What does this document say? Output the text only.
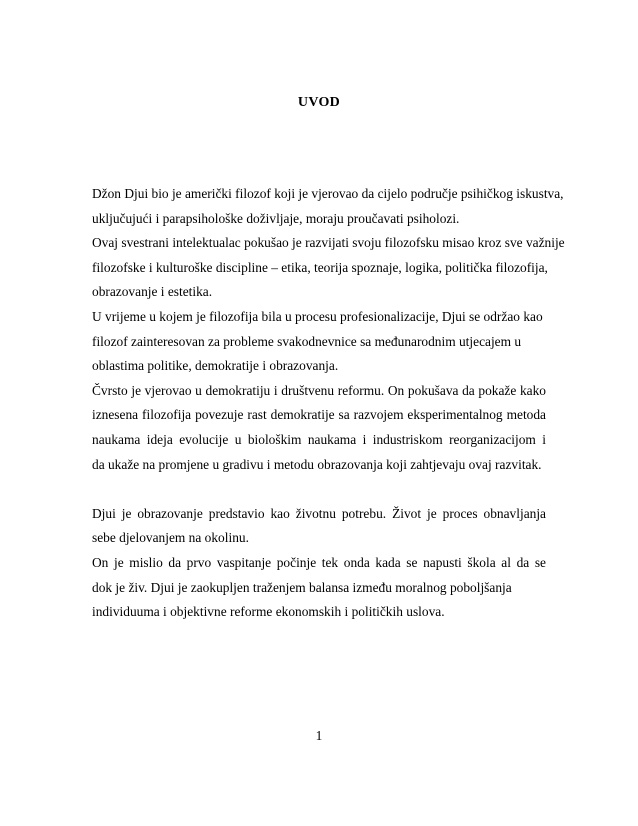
UVOD
Džon Djui bio je američki filozof koji je vjerovao da cijelo područje psihičkog iskustva,
uključujući i parapsihološke doživljaje, moraju proučavati psiholozi.
Ovaj svestrani intelektualac pokušao je razvijati svoju filozofsku misao kroz sve važnije
filozofske i kulturoške discipline – etika, teorija spoznaje, logika, politička filozofija,
obrazovanje i estetika.
U vrijeme u kojem je filozofija bila u procesu profesionalizacije, Djui se održao kao
filozof zainteresovan za probleme svakodnevnice sa međunarodnim utjecajem u
oblastima politike, demokratije i obrazovanja.
Čvrsto je vjerovao u demokratiju i društvenu reformu. On pokušava da pokaže kako
iznesena filozofija povezuje rast demokratije sa razvojem eksperimentalnog metoda
naukama ideja evolucije u biološkim naukama i industriskom reorganizacijom i
da ukaže na promjene u gradivu i metodu obrazovanja koji zahtjevaju ovaj razvitak.
Djui je obrazovanje predstavio kao životnu potrebu. Život je proces obnavljanja
sebe djelovanjem na okolinu.
On je mislio da prvo vaspitanje počinje tek onda kada se napusti škola al da se
dok je živ. Djui je zaokupljen traženjem balansa između moralnog poboljšanja
individuuma i objektivne reforme ekonomskih i političkih uslova.
1
